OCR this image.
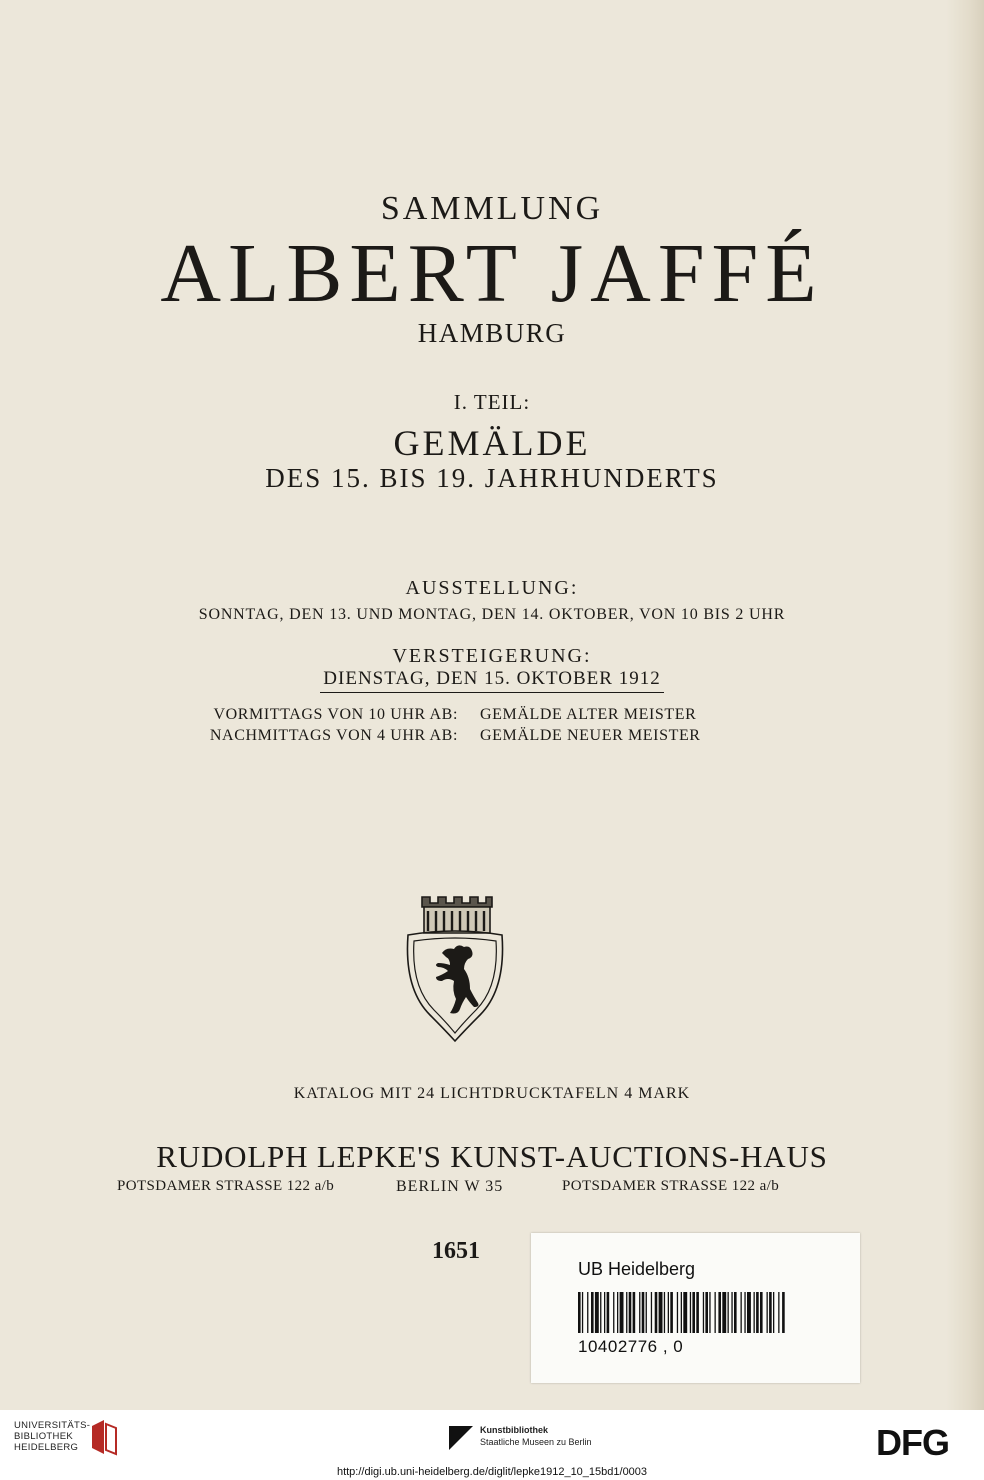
SAMMLUNG
ALBERT JAFFÉ
HAMBURG
I. TEIL:
GEMÄLDE
DES 15. BIS 19. JAHRHUNDERTS
AUSSTELLUNG:
SONNTAG, DEN 13. UND MONTAG, DEN 14. OKTOBER, VON 10 BIS 2 UHR
VERSTEIGERUNG:
DIENSTAG, DEN 15. OKTOBER 1912
VORMITTAGS VON 10 UHR AB: GEMÄLDE ALTER MEISTER
NACHMITTAGS VON 4 UHR AB: GEMÄLDE NEUER MEISTER
KATALOG MIT 24 LICHTDRUCKTAFELN 4 MARK
RUDOLPH LEPKE'S KUNST-AUCTIONS-HAUS
POTSDAMER STRASSE 122 a/b	BERLIN W 35	POTSDAMER STRASSE 122 a/b
1651
UB Heidelberg
10402776 , 0
UNIVERSITÄTS-
BIBLIOTHEK
HEIDELBERG
Kunstbibliothek
Staatliche Museen zu Berlin	DFG
http://digi.ub.uni-heidelberg.de/diglit/lepke1912_10_15bd1/0003
